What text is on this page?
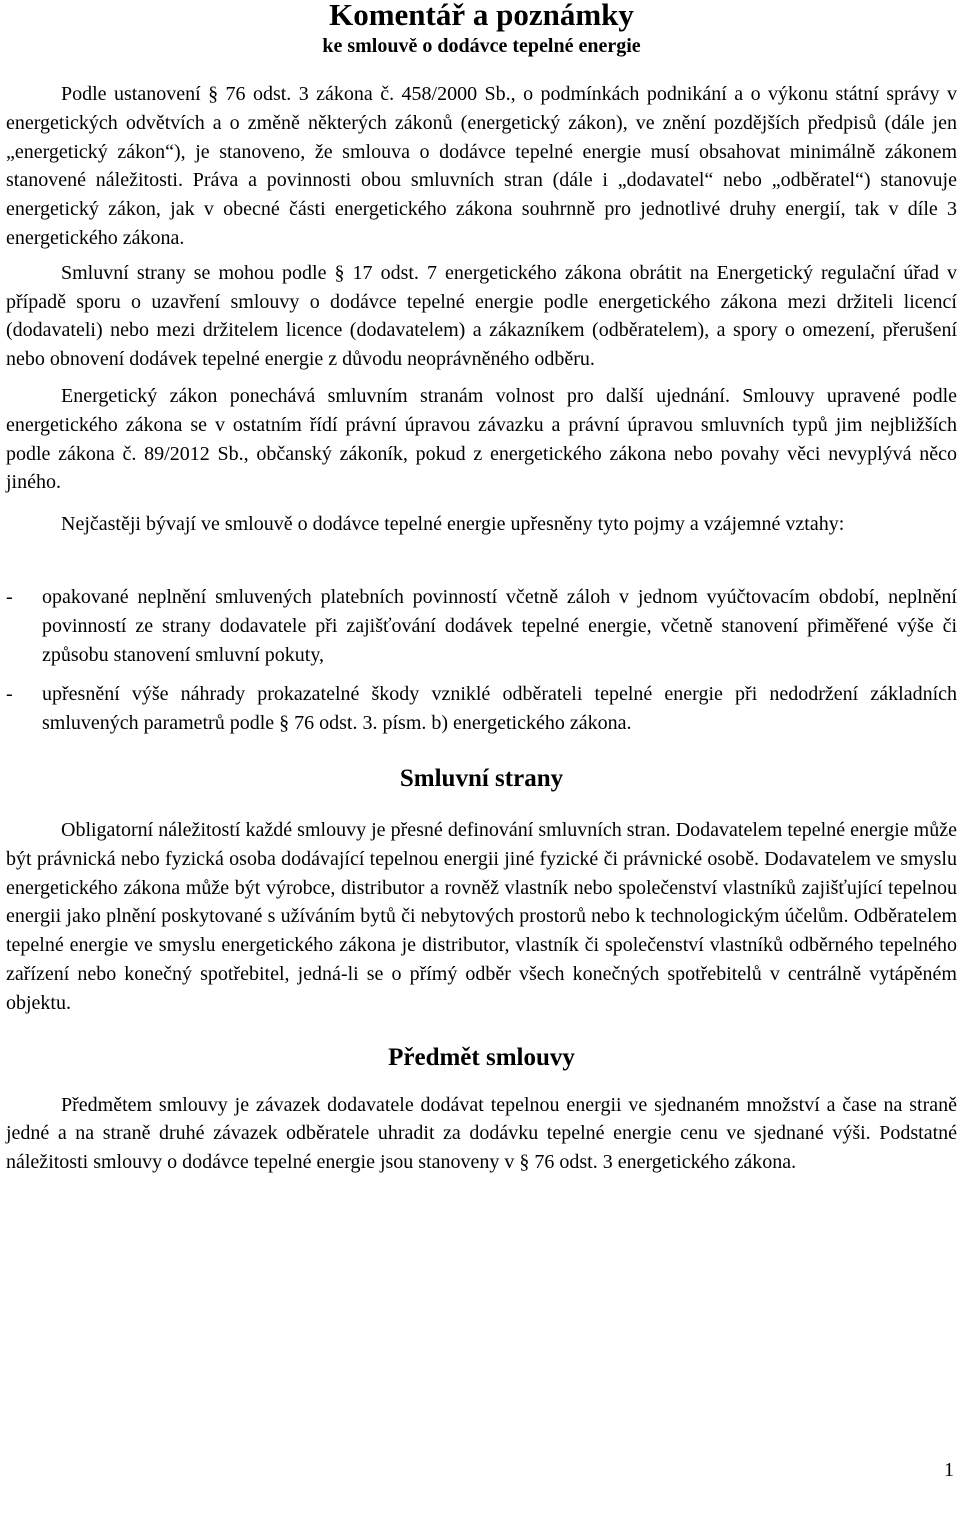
Komentář a poznámky
ke smlouvě o dodávce tepelné energie

Podle ustanovení § 76 odst. 3 zákona č. 458/2000 Sb., o podmínkách podnikání a o výkonu státní správy v energetických odvětvích a o změně některých zákonů (energetický zákon), ve znění pozdějších předpisů (dále jen „energetický zákon“), je stanoveno, že smlouva o dodávce tepelné energie musí obsahovat minimálně zákonem stanovené náležitosti. Práva a povinnosti obou smluvních stran (dále i „dodavatel“ nebo „odběratel“) stanovuje energetický zákon, jak v obecné části energetického zákona souhrnně pro jednotlivé druhy energií, tak v díle 3 energetického zákona.

Smluvní strany se mohou podle § 17 odst. 7 energetického zákona obrátit na Energetický regulační úřad v případě sporu o uzavření smlouvy o dodávce tepelné energie podle energetického zákona mezi držiteli licencí (dodavateli) nebo mezi držitelem licence (dodavatelem) a zákazníkem (odběratelem), a spory o omezení, přerušení nebo obnovení dodávek tepelné energie z důvodu neoprávněného odběru.

Energetický zákon ponechává smluvním stranám volnost pro další ujednání. Smlouvy upravené podle energetického zákona se v ostatním řídí právní úpravou závazku a právní úpravou smluvních typů jim nejbližších podle zákona č. 89/2012 Sb., občanský zákoník, pokud z energetického zákona nebo povahy věci nevyplývá něco jiného.

Nejčastěji bývají ve smlouvě o dodávce tepelné energie upřesněny tyto pojmy a vzájemné vztahy:

- opakované neplnění smluvených platebních povinností včetně záloh v jednom vyúčtovacím období, neplnění povinností ze strany dodavatele při zajišťování dodávek tepelné energie, včetně stanovení přiměřené výše či způsobu stanovení smluvní pokuty,
- upřesnění výše náhrady prokazatelné škody vzniklé odběrateli tepelné energie při nedodržení základních smluvených parametrů podle § 76 odst. 3. písm. b) energetického zákona.
Smluvní strany

Obligatorní náležitostí každé smlouvy je přesné definování smluvních stran. Dodavatelem tepelné energie může být právnická nebo fyzická osoba dodávající tepelnou energii jiné fyzické či právnické osobě. Dodavatelem ve smyslu energetického zákona může být výrobce, distributor a rovněž vlastník nebo společenství vlastníků zajišťující tepelnou energii jako plnění poskytované s užíváním bytů či nebytových prostorů nebo k technologickým účelům. Odběratelem tepelné energie ve smyslu energetického zákona je distributor, vlastník či společenství vlastníků odběrného tepelného zařízení nebo konečný spotřebitel, jedná-li se o přímý odběr všech konečných spotřebitelů v centrálně vytápěném objektu.

Předmět smlouvy

Předmětem smlouvy je závazek dodavatele dodávat tepelnou energii ve sjednaném množství a čase na straně jedné a na straně druhé závazek odběratele uhradit za dodávku tepelné energie cenu ve sjednané výši. Podstatné náležitosti smlouvy o dodávce tepelné energie jsou stanoveny v § 76 odst. 3 energetického zákona.

1
